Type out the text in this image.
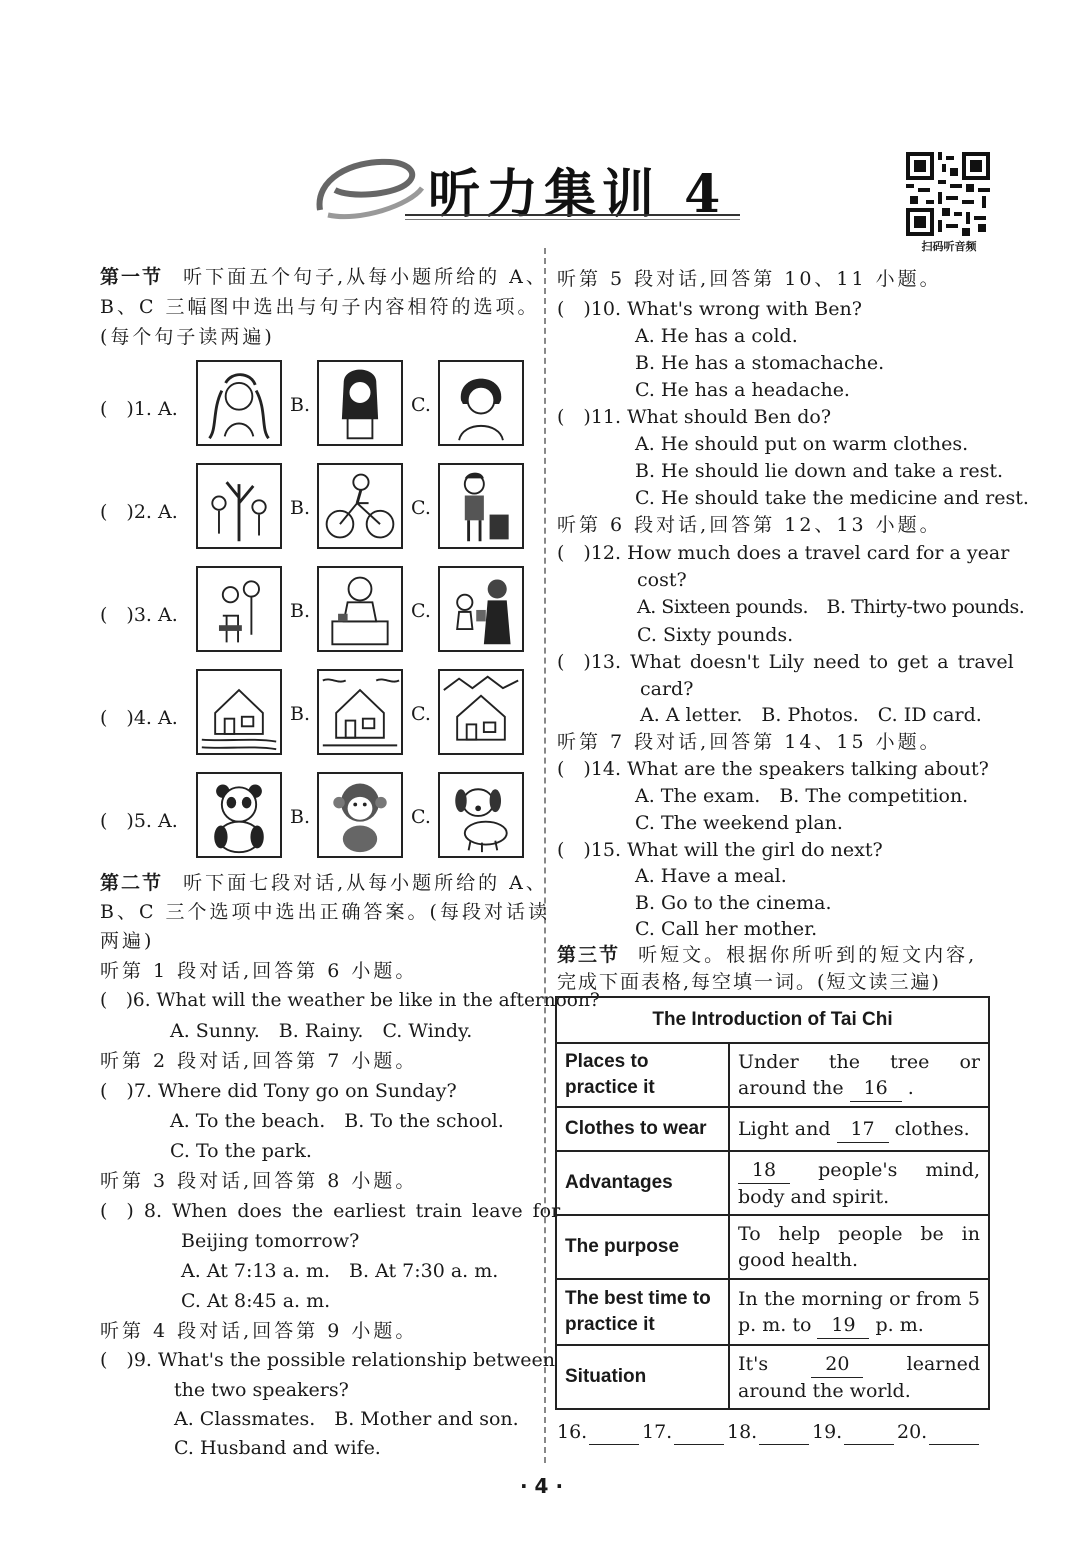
听力集训 4
扫码听音频
第一节 听下面五个句子,从每小题所给的 A、
B、C 三幅图中选出与句子内容相符的选项。
(每个句子读两遍)
(　)1. A.	B.	C.
(　)2. A.	B.	C.
(　)3. A.	B.	C.
(　)4. A.	B.	C.
(　)5. A.	B.	C.
第二节 听下面七段对话,从每小题所给的 A、
B、C 三个选项中选出正确答案。(每段对话读
两遍)
听第 1 段对话,回答第 6 小题。
(　)6. What will the weather be like in the afternoon?
A. Sunny.　B. Rainy.　C. Windy.
听第 2 段对话,回答第 7 小题。
(　)7. Where did Tony go on Sunday?
A. To the beach.　B. To the school.
C. To the park.
听第 3 段对话,回答第 8 小题。
(　) 8. When does the earliest train leave for
Beijing tomorrow?
A. At 7:13 a. m.　B. At 7:30 a. m.
C. At 8:45 a. m.
听第 4 段对话,回答第 9 小题。
(　)9. What's the possible relationship between
the two speakers?
A. Classmates.　B. Mother and son.
C. Husband and wife.
听第 5 段对话,回答第 10、11 小题。
(　)10. What's wrong with Ben?
A. He has a cold.
B. He has a stomachache.
C. He has a headache.
(　)11. What should Ben do?
A. He should put on warm clothes.
B. He should lie down and take a rest.
C. He should take the medicine and rest.
听第 6 段对话,回答第 12、13 小题。
(　)12. How much does a travel card for a year
cost?
A. Sixteen pounds.　B. Thirty-two pounds.
C. Sixty pounds.
(　)13. What doesn't Lily need to get a travel
card?
A. A letter.　B. Photos.　C. ID card.
听第 7 段对话,回答第 14、15 小题。
(　)14. What are the speakers talking about?
A. The exam.　B. The competition.
C. The weekend plan.
(　)15. What will the girl do next?
A. Have a meal.
B. Go to the cinema.
C. Call her mother.
第三节 听短文。根据你所听到的短文内容,
完成下面表格,每空填一词。(短文读三遍)
The Introduction of Tai Chi	
Places to practice it	Under the tree or around the 16 .
Clothes to wear	Light and 17 clothes.
Advantages	18 people's mind, body and spirit.
The purpose	To help people be in good health.
The best time to practice it	In the morning or from 5 p. m. to 19 p. m.
Situation	It's 20 learned around the world.
16.	17.	18.	19.	20.
· 4 ·
